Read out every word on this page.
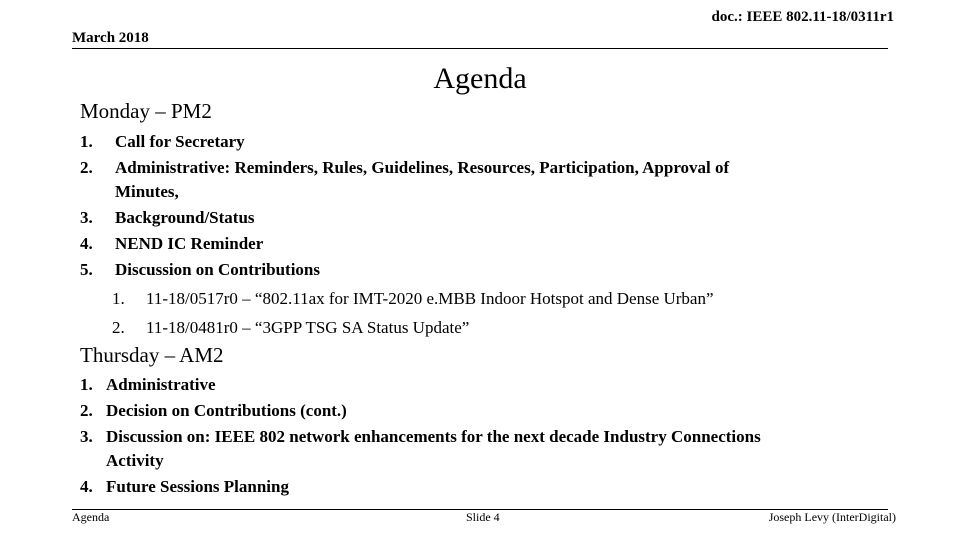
doc.: IEEE 802.11-18/0311r1
March 2018
Agenda
Monday – PM2
1. Call for Secretary
2. Administrative: Reminders, Rules, Guidelines, Resources, Participation, Approval of
Minutes,
3. Background/Status
4. NEND IC Reminder
5. Discussion on Contributions
1. 11-18/0517r0 – “802.11ax for IMT-2020 e.MBB Indoor Hotspot and Dense Urban”
2. 11-18/0481r0 – “3GPP TSG SA Status Update”
Thursday – AM2
1. Administrative
2. Decision on Contributions (cont.)
3. Discussion on: IEEE 802 network enhancements for the next decade Industry Connections
Activity
4. Future Sessions Planning
Agenda	Slide 4	Joseph Levy (InterDigital)
